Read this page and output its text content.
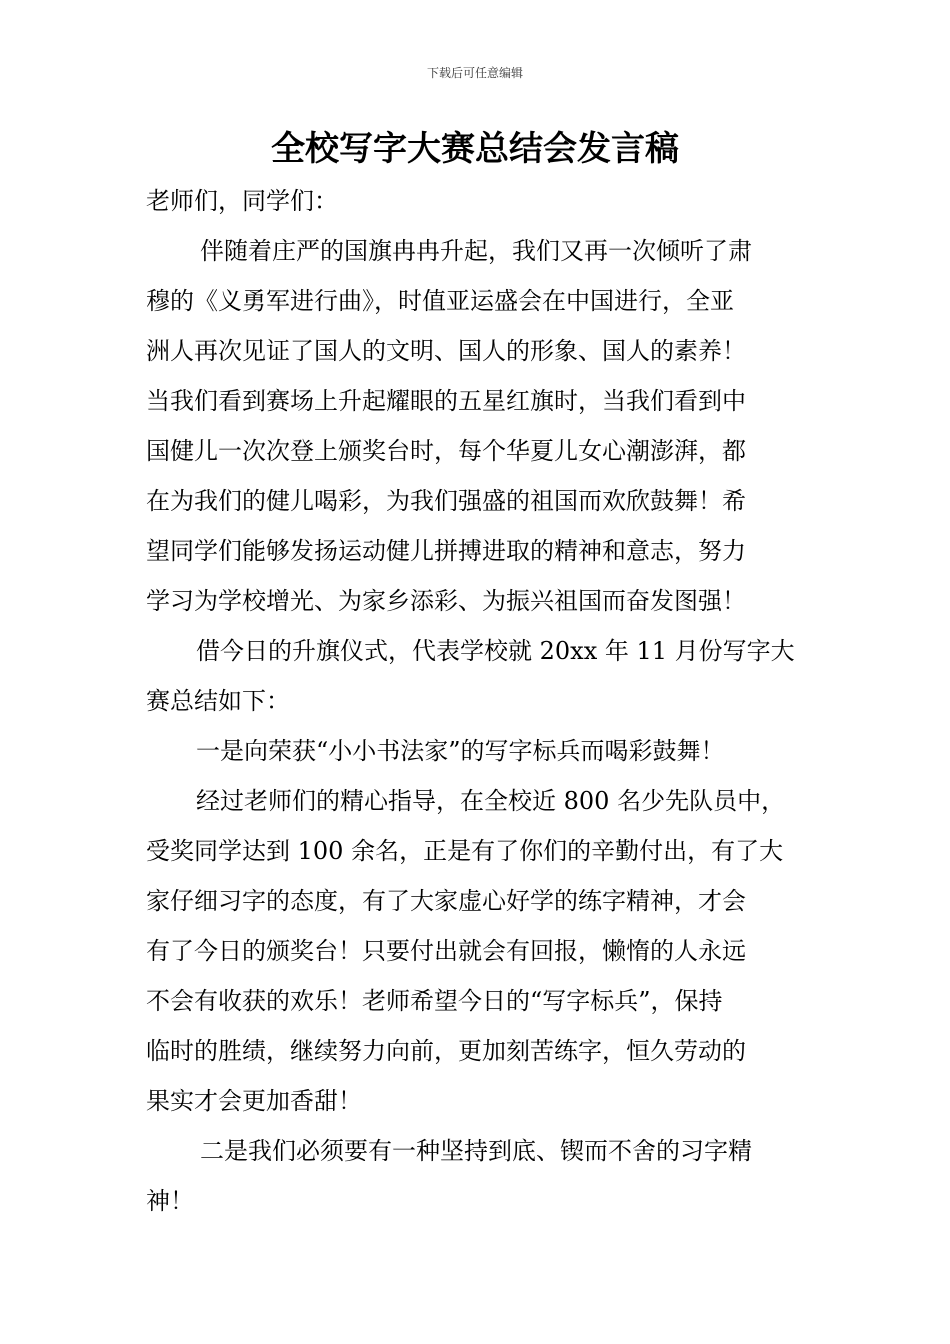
下载后可任意编辑
全校写字大赛总结会发言稿
老师们，同学们：
伴随着庄严的国旗冉冉升起，我们又再一次倾听了肃
穆的《义勇军进行曲》，时值亚运盛会在中国进行，全亚
洲人再次见证了国人的文明、国人的形象、国人的素养！
当我们看到赛场上升起耀眼的五星红旗时，当我们看到中
国健儿一次次登上颁奖台时，每个华夏儿女心潮澎湃，都
在为我们的健儿喝彩，为我们强盛的祖国而欢欣鼓舞！希
望同学们能够发扬运动健儿拼搏进取的精神和意志，努力
学习为学校增光、为家乡添彩、为振兴祖国而奋发图强！
借今日的升旗仪式，代表学校就 20xx 年 11 月份写字大
赛总结如下：
一是向荣获“小小书法家”的写字标兵而喝彩鼓舞！
经过老师们的精心指导，在全校近 800 名少先队员中，
受奖同学达到 100 余名，正是有了你们的辛勤付出，有了大
家仔细习字的态度，有了大家虚心好学的练字精神，才会
有了今日的颁奖台！只要付出就会有回报，懒惰的人永远
不会有收获的欢乐！老师希望今日的“写字标兵”，保持
临时的胜绩，继续努力向前，更加刻苦练字，恒久劳动的
果实才会更加香甜！
二是我们必须要有一种坚持到底、锲而不舍的习字精
神！
